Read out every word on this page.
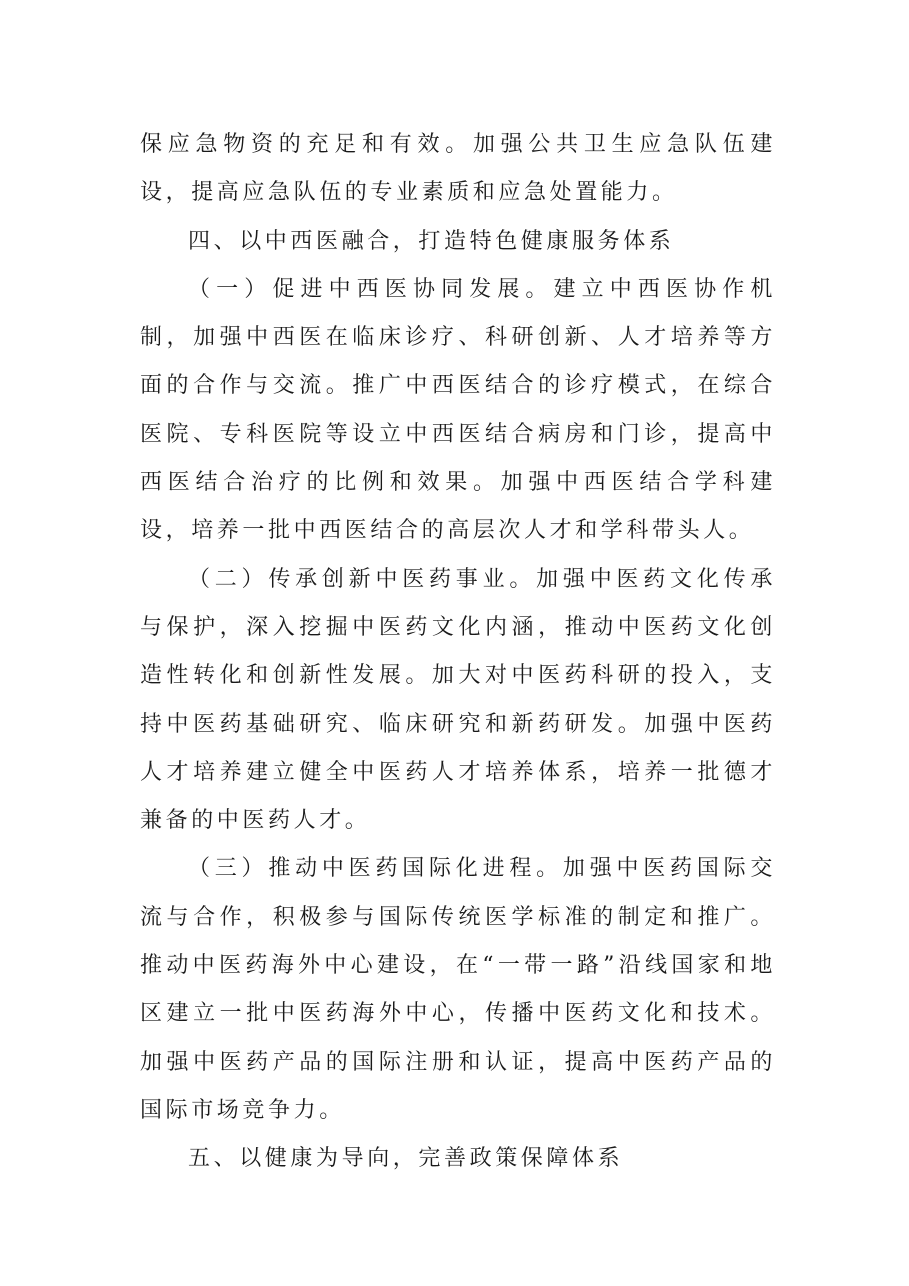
保应急物资的充足和有效。加强公共卫生应急队伍建设，提高应急队伍的专业素质和应急处置能力。

四、以中西医融合，打造特色健康服务体系

（一）促进中西医协同发展。建立中西医协作机制，加强中西医在临床诊疗、科研创新、人才培养等方面的合作与交流。推广中西医结合的诊疗模式，在综合医院、专科医院等设立中西医结合病房和门诊，提高中西医结合治疗的比例和效果。加强中西医结合学科建设，培养一批中西医结合的高层次人才和学科带头人。

（二）传承创新中医药事业。加强中医药文化传承与保护，深入挖掘中医药文化内涵，推动中医药文化创造性转化和创新性发展。加大对中医药科研的投入，支持中医药基础研究、临床研究和新药研发。加强中医药人才培养建立健全中医药人才培养体系，培养一批德才兼备的中医药人才。

（三）推动中医药国际化进程。加强中医药国际交流与合作，积极参与国际传统医学标准的制定和推广。推动中医药海外中心建设，在“一带一路”沿线国家和地区建立一批中医药海外中心，传播中医药文化和技术。加强中医药产品的国际注册和认证，提高中医药产品的国际市场竞争力。

五、以健康为导向，完善政策保障体系
